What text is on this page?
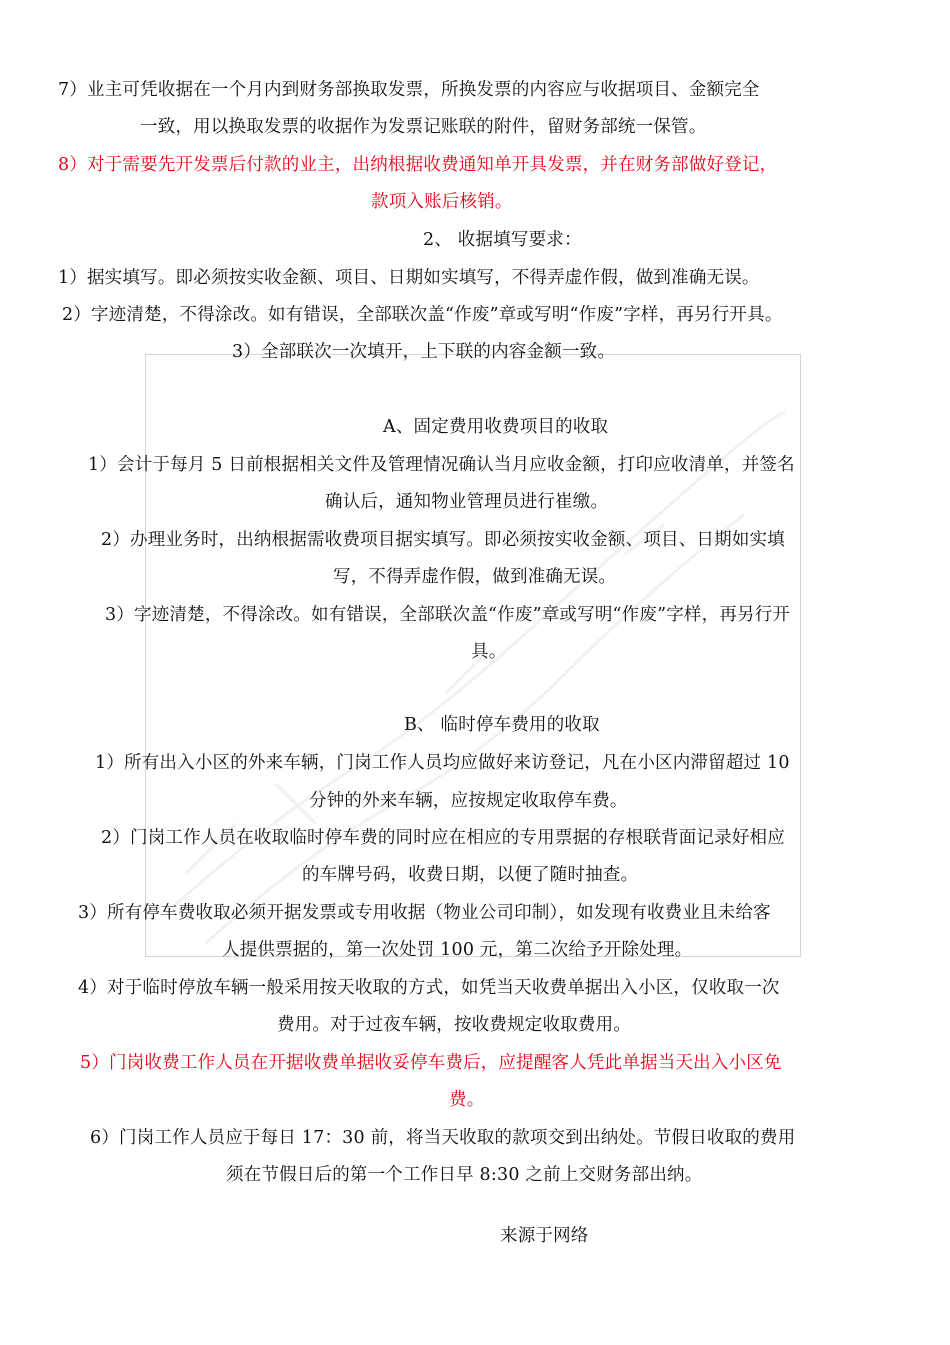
7）业主可凭收据在一个月内到财务部换取发票，所换发票的内容应与收据项目、金额完全
一致，用以换取发票的收据作为发票记账联的附件，留财务部统一保管。
8）对于需要先开发票后付款的业主，出纳根据收费通知单开具发票，并在财务部做好登记，
款项入账后核销。
2、 收据填写要求：
1）据实填写。即必须按实收金额、项目、日期如实填写，不得弄虚作假，做到准确无误。
2）字迹清楚，不得涂改。如有错误，全部联次盖“作废”章或写明“作废”字样，再另行开具。
3）全部联次一次填开，上下联的内容金额一致。
A、固定费用收费项目的收取
1）会计于每月 5 日前根据相关文件及管理情况确认当月应收金额，打印应收清单，并签名
确认后，通知物业管理员进行崔缴。
2）办理业务时，出纳根据需收费项目据实填写。即必须按实收金额、项目、日期如实填
写，不得弄虚作假，做到准确无误。
3）字迹清楚，不得涂改。如有错误，全部联次盖“作废”章或写明“作废”字样，再另行开
具。
B、 临时停车费用的收取
1）所有出入小区的外来车辆，门岗工作人员均应做好来访登记，凡在小区内滞留超过 10
分钟的外来车辆，应按规定收取停车费。
2）门岗工作人员在收取临时停车费的同时应在相应的专用票据的存根联背面记录好相应
的车牌号码，收费日期，以便了随时抽查。
3）所有停车费收取必须开据发票或专用收据（物业公司印制），如发现有收费业且未给客
人提供票据的，第一次处罚 100 元，第二次给予开除处理。
4）对于临时停放车辆一般采用按天收取的方式，如凭当天收费单据出入小区，仅收取一次
费用。对于过夜车辆，按收费规定收取费用。
5）门岗收费工作人员在开据收费单据收妥停车费后，应提醒客人凭此单据当天出入小区免
费。
6）门岗工作人员应于每日 17：30 前，将当天收取的款项交到出纳处。节假日收取的费用
须在节假日后的第一个工作日早 8:30 之前上交财务部出纳。
来源于网络
